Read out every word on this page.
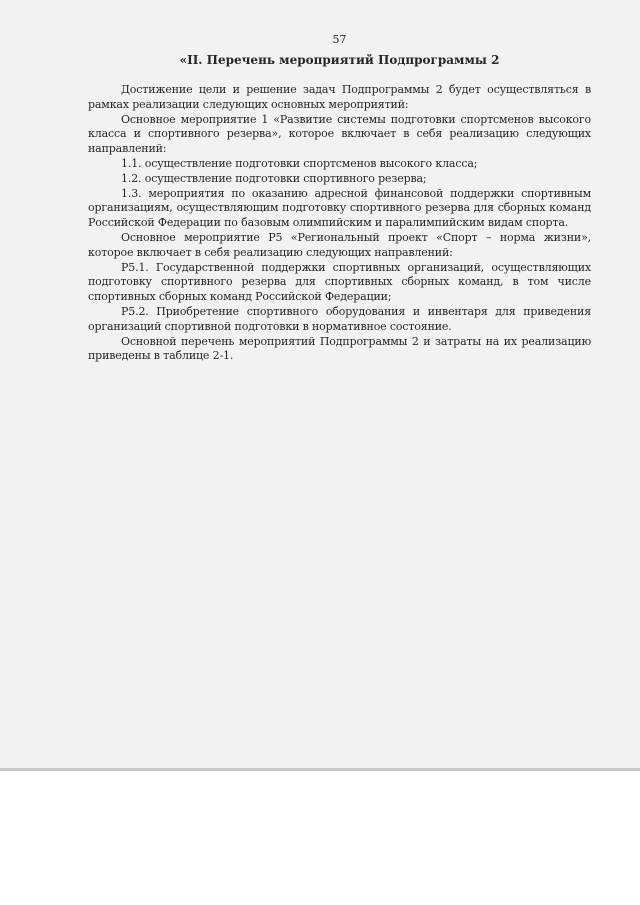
57
«II. Перечень мероприятий Подпрограммы 2

Достижение цели и решение задач Подпрограммы 2 будет осуществляться в рамках реализации следующих основных мероприятий:

Основное мероприятие 1 «Развитие системы подготовки спортсменов высокого класса и спортивного резерва», которое включает в себя реализацию следующих направлений:

1.1. осуществление подготовки спортсменов высокого класса;

1.2. осуществление подготовки спортивного резерва;

1.3. мероприятия по оказанию адресной финансовой поддержки спортивным организациям, осуществляющим подготовку спортивного резерва для сборных команд Российской Федерации по базовым олимпийским и паралимпийским видам спорта.

Основное мероприятие Р5 «Региональный проект «Спорт – норма жизни», которое включает в себя реализацию следующих направлений:

Р5.1. Государственной поддержки спортивных организаций, осуществляющих подготовку спортивного резерва для спортивных сборных команд, в том числе спортивных сборных команд Российской Федерации;

Р5.2. Приобретение спортивного оборудования и инвентаря для приведения организаций спортивной подготовки в нормативное состояние.

Основной перечень мероприятий Подпрограммы 2 и затраты на их реализацию приведены в таблице 2-1.
